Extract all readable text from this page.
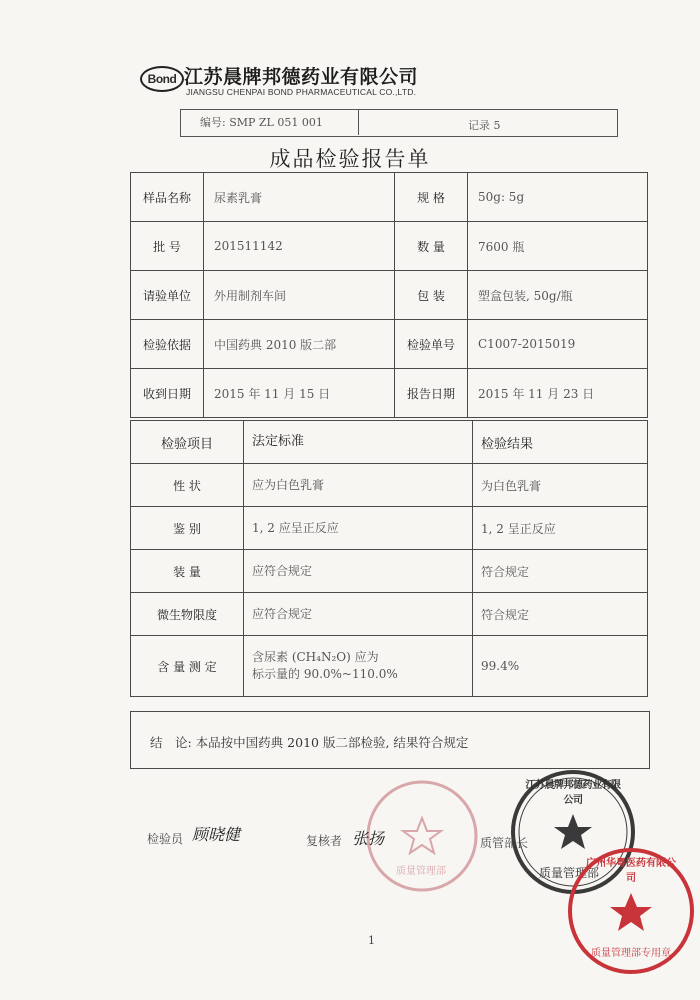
Bond 江苏晨牌邦德药业有限公司
JIANGSU CHENPAI BOND PHARMACEUTICAL CO.,LTD.
编号: SMP ZL 051 001	记录 5
成品检验报告单
样品名称	尿素乳膏	规 格	50g: 5g
批 号	201511142	数 量	7600 瓶
请验单位	外用制剂车间	包 装	塑盒包装, 50g/瓶
检验依据	中国药典 2010 版二部	检验单号	C1007-2015019
收到日期	2015 年 11 月 15 日	报告日期	2015 年 11 月 23 日
检验项目	法定标准	检验结果
性 状	应为白色乳膏	为白色乳膏
鉴 别	1, 2 应呈正反应	1, 2 呈正反应
装 量	应符合规定	符合规定
微生物限度	应符合规定	符合规定
含 量 测 定	含尿素 (CH₄N₂O) 应为
标示量的 90.0%~110.0%	99.4%
结　论: 本品按中国药典 2010 版二部检验, 结果符合规定
质量管理部
江苏晨牌邦德药业有限公司
质量管理部
广州华粤医药有限公司
质量管理部专用章
检验员 顾晓健	复核者 张扬	质管部长
1
